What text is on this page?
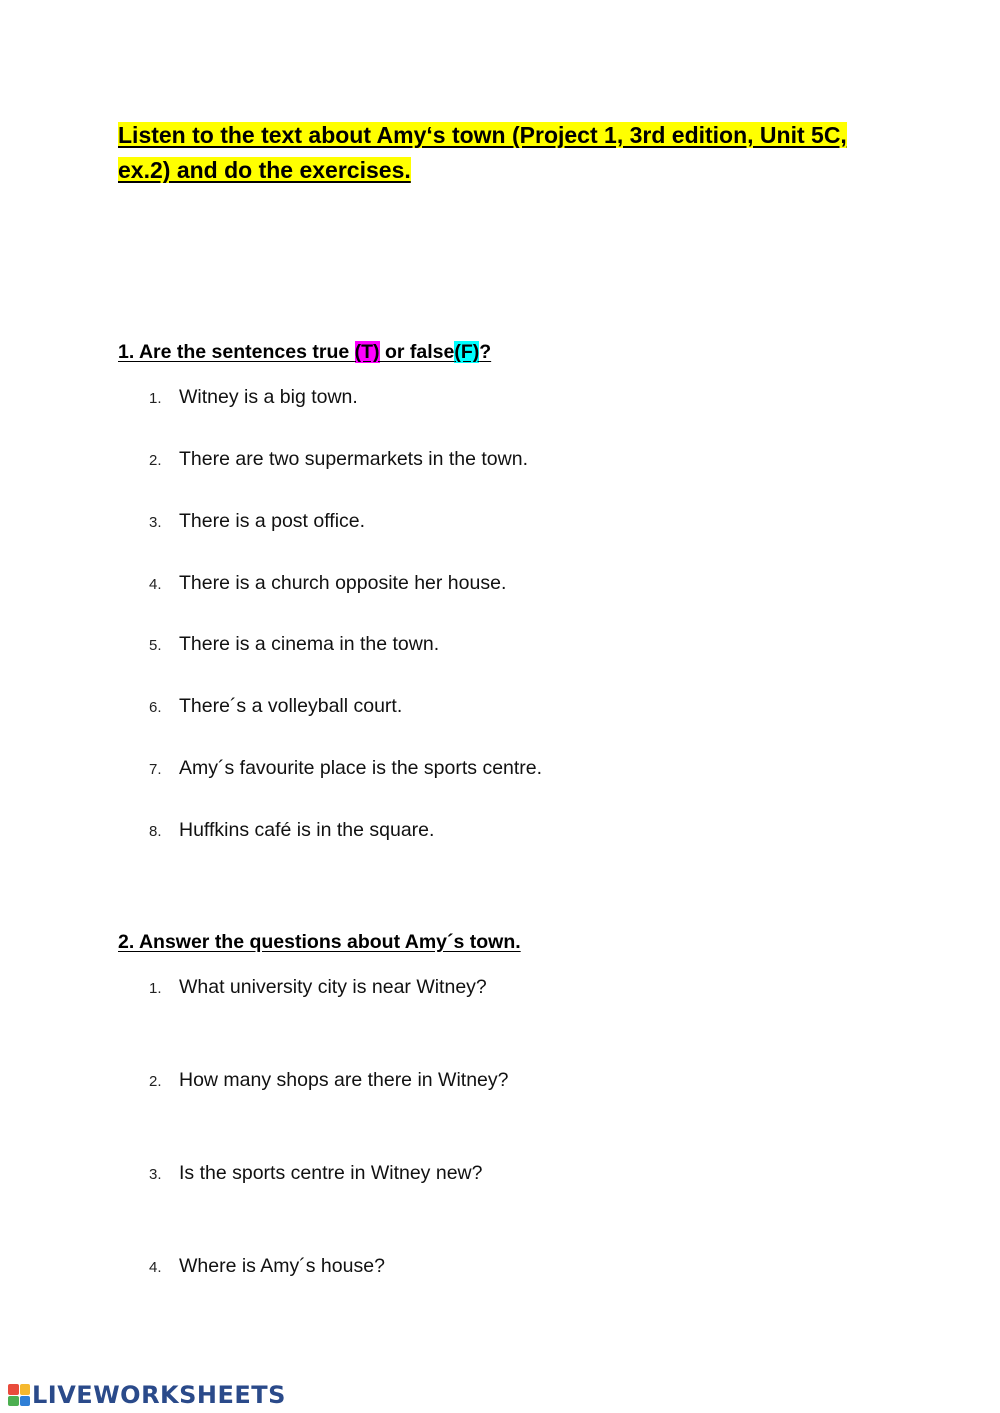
Listen to the text about Amy‘s town (Project 1, 3rd edition, Unit 5C, ex.2) and do the exercises.
1. Are the sentences true (T) or false(F)?
1. Witney is a big town.
2. There are two supermarkets in the town.
3. There is a post office.
4. There is a church opposite her house.
5. There is a cinema in the town.
6. There´s a volleyball court.
7. Amy´s favourite place is the sports centre.
8. Huffkins café is in the square.
2. Answer the questions about Amy´s town.
1. What university city is near Witney?
2. How many shops are there in Witney?
3. Is the sports centre in Witney new?
4. Where is Amy´s house?
LIVEWORKSHEETS
